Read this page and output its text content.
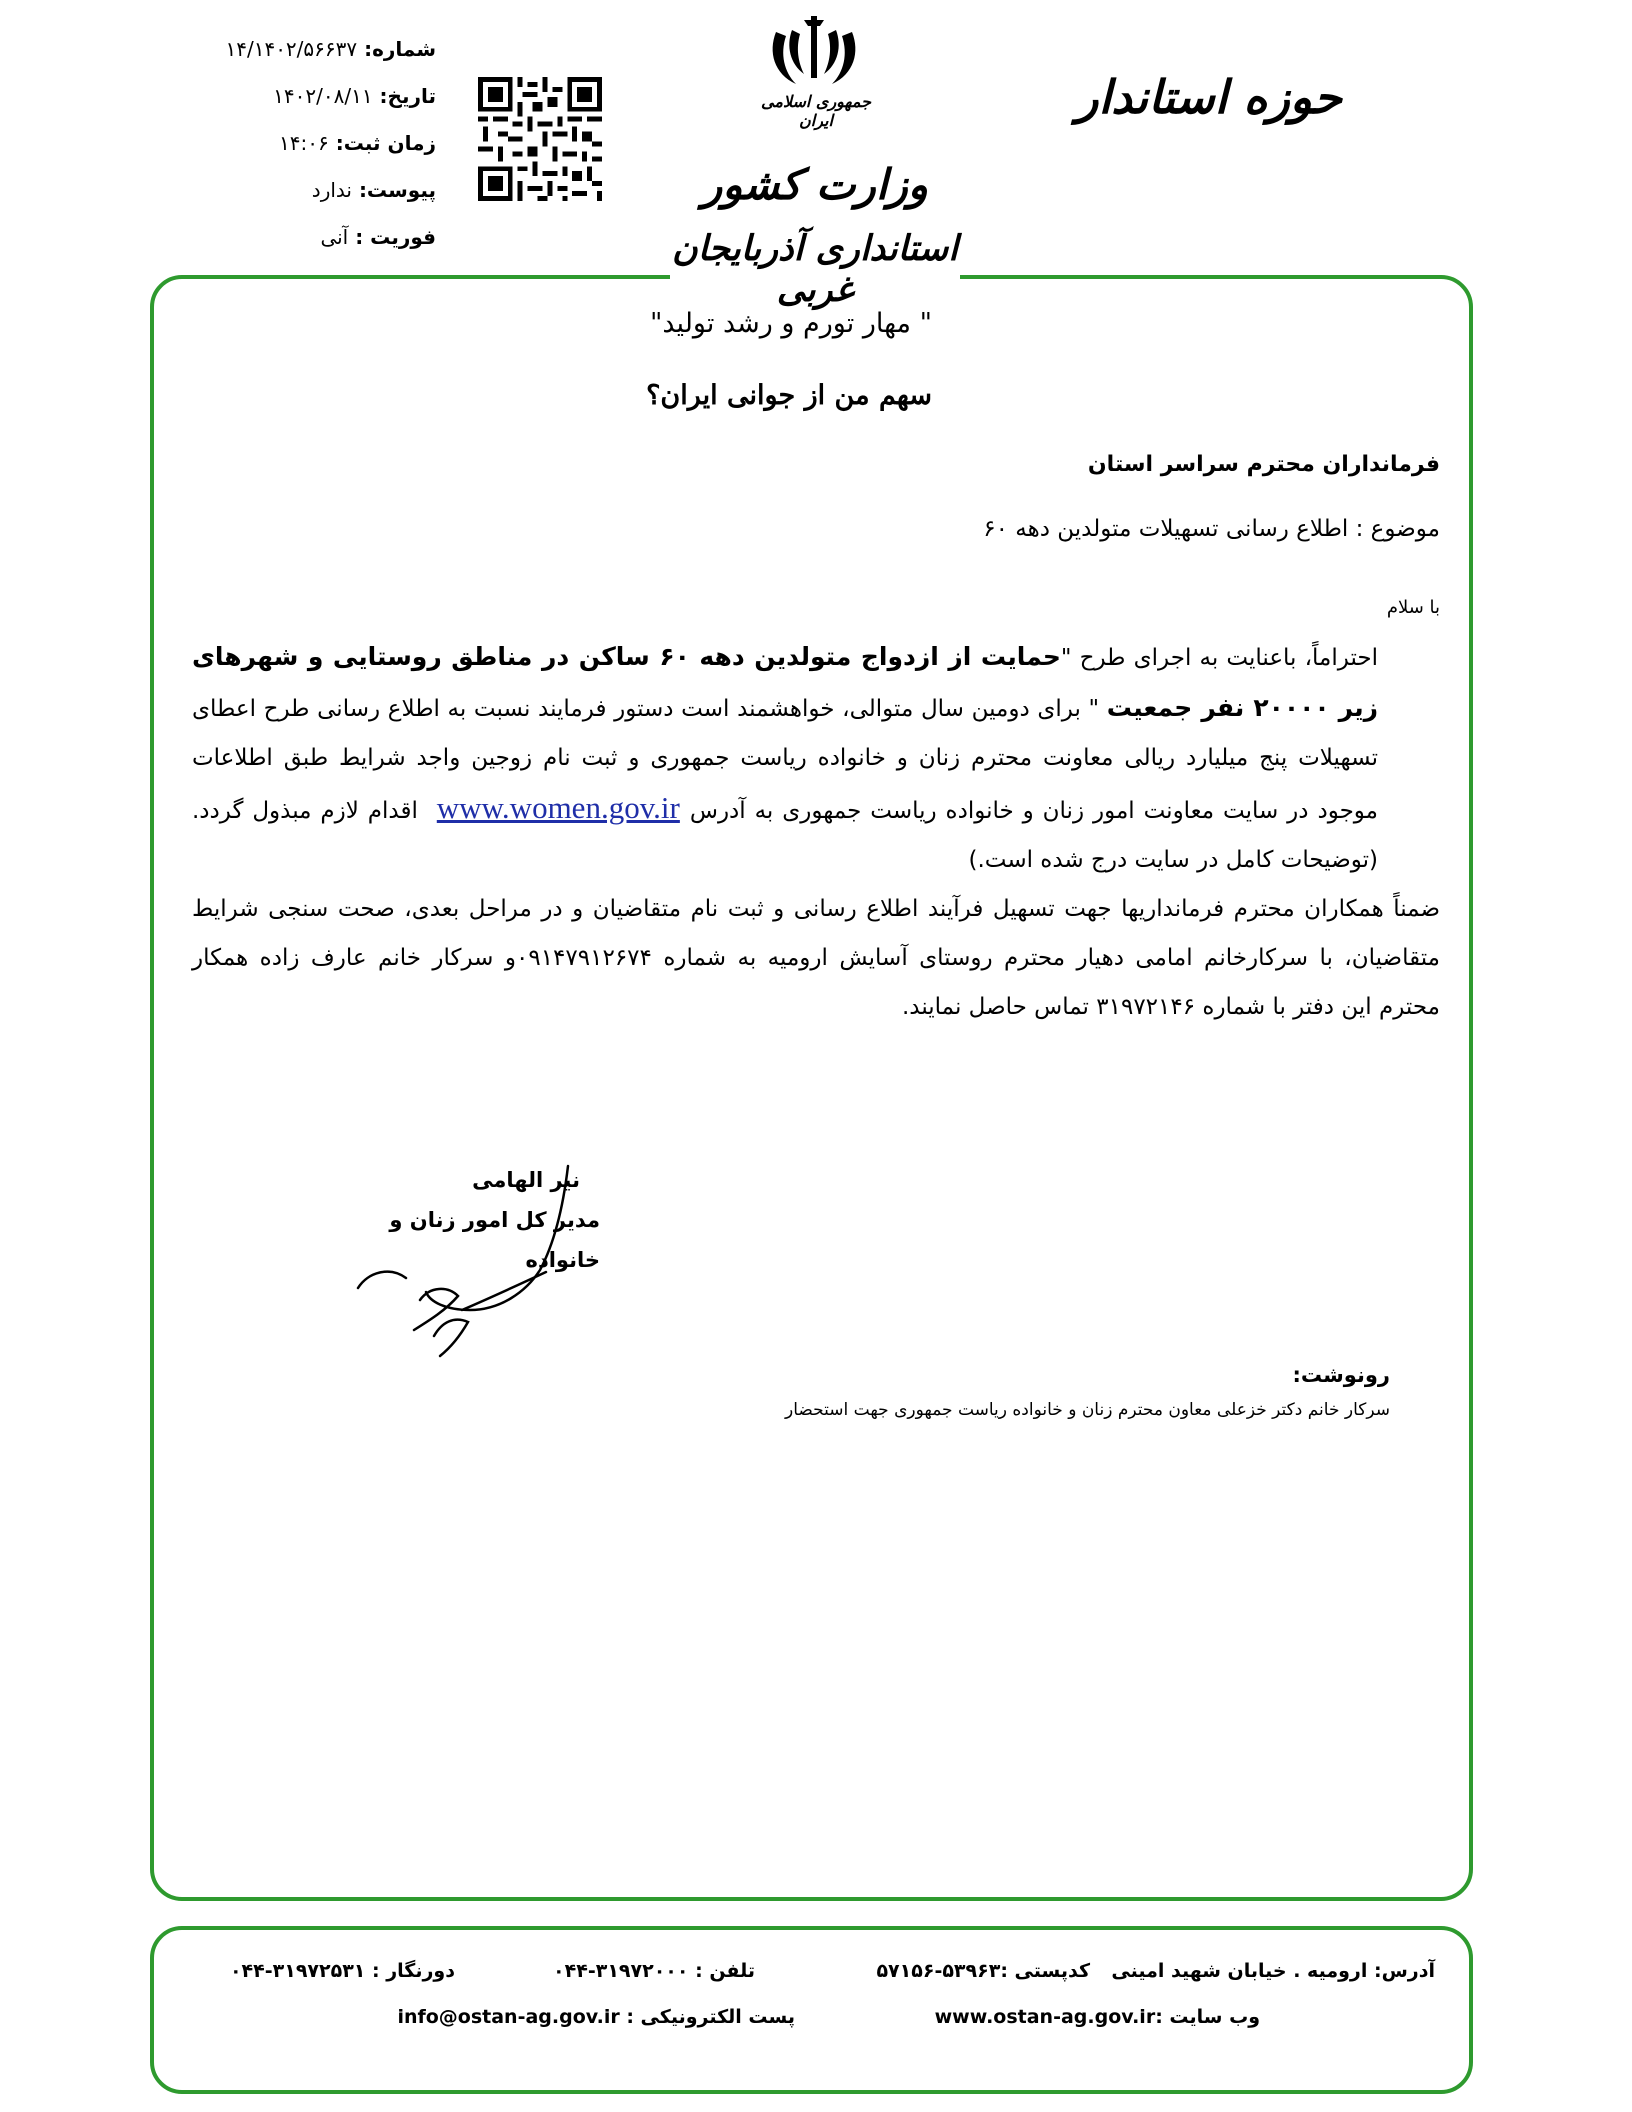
حوزه استاندار
شماره: ۱۴/۱۴۰۲/۵۶۶۳۷
تاریخ: ۱۴۰۲/۰۸/۱۱
زمان ثبت: ۱۴:۰۶
پیوست: ندارد
فوریت : آنی
جمهوری اسلامی ایران
وزارت کشور
استانداری آذربایجان غربی
" مهار تورم و رشد تولید"
سهم من از جوانی ایران؟
فرمانداران محترم سراسر استان
موضوع : اطلاع رسانی تسهیلات متولدین دهه ۶۰
با سلام

احتراماً، باعنایت به اجرای طرح "حمایت از ازدواج متولدین دهه ۶۰ ساکن در مناطق روستایی و شهرهای زیر ۲۰۰۰۰ نفر جمعیت " برای دومین سال متوالی، خواهشمند است دستور فرمایند نسبت به اطلاع رسانی طرح اعطای تسهیلات پنج میلیارد ریالی معاونت محترم زنان و خانواده ریاست جمهوری و ثبت نام زوجین واجد شرایط طبق اطلاعات موجود در سایت معاونت امور زنان و خانواده ریاست جمهوری به آدرسwww.women.gov.ir اقدام لازم مبذول گردد. (توضیحات کامل در سایت درج شده است.)

ضمناً همکاران محترم فرمانداریها جهت تسهیل فرآیند اطلاع رسانی و ثبت نام متقاضیان و در مراحل بعدی، صحت سنجی شرایط متقاضیان، با سرکارخانم امامی دهیار محترم روستای آسایش ارومیه به شماره ۰۹۱۴۷۹۱۲۶۷۴و سرکار خانم عارف زاده همکار محترم این دفتر با شماره ۳۱۹۷۲۱۴۶ تماس حاصل نمایند.

نیر الهامی
مدیر کل امور زنان و خانواده
رونوشت:
سرکار خانم دکتر خزعلی معاون محترم زنان و خانواده ریاست جمهوری جهت استحضار
آدرس: ارومیه . خیابان شهید امینی
کدپستی :۵۳۹۶۳-۵۷۱۵۶
تلفن : ۳۱۹۷۲۰۰۰-۰۴۴
دورنگار : ۳۱۹۷۲۵۳۱-۰۴۴
وب سایت :www.ostan-ag.gov.ir
پست الکترونیکی : info@ostan-ag.gov.ir
